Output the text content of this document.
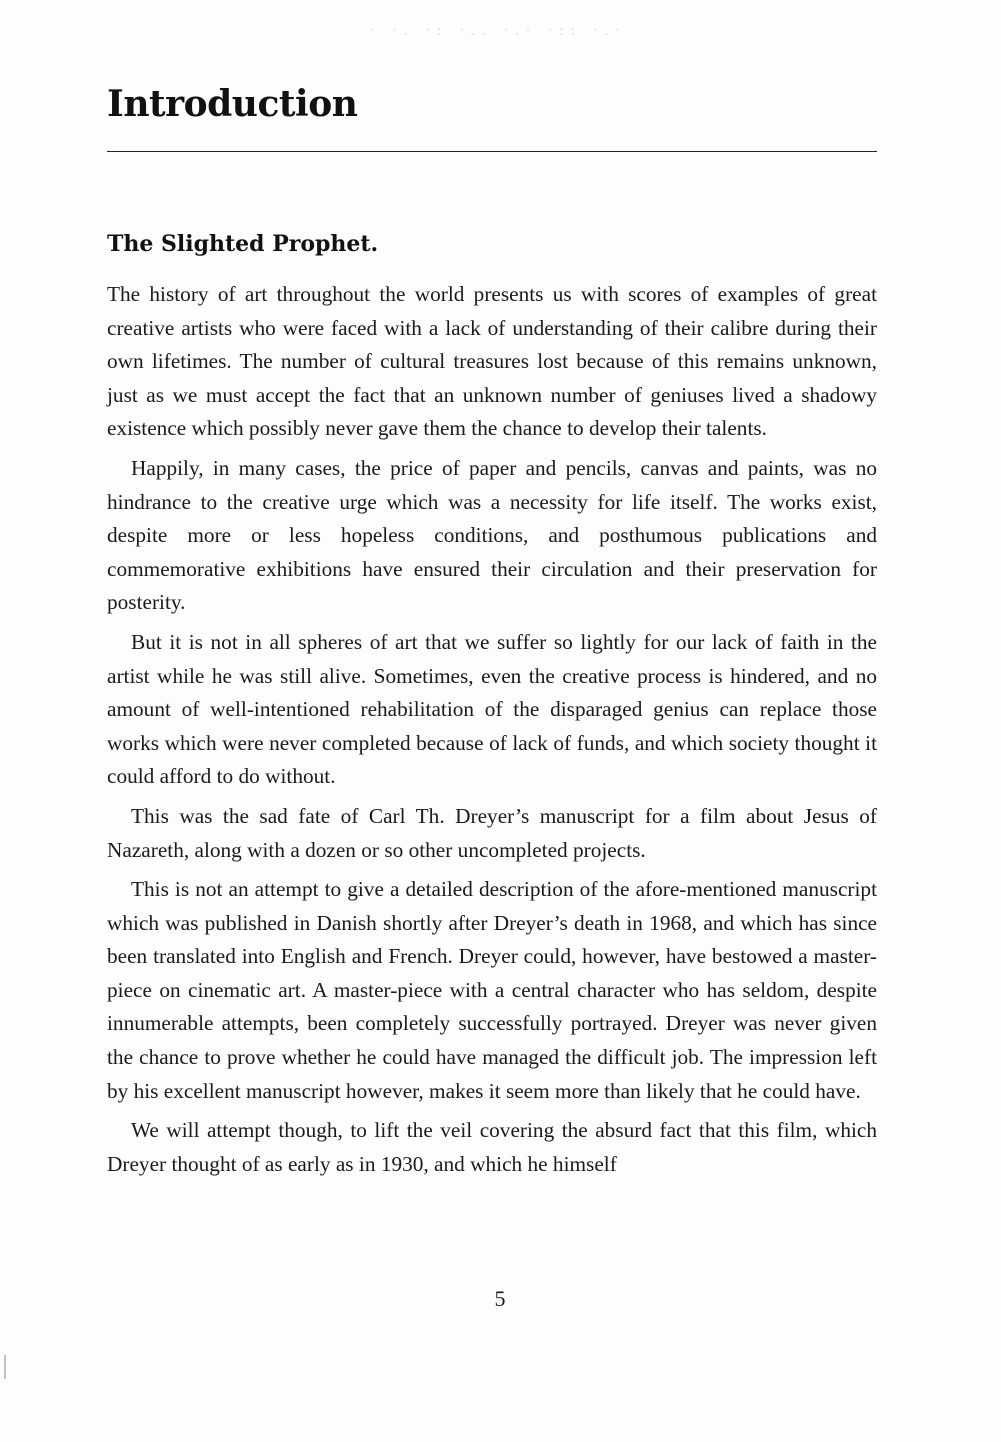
· ·. ·: ·.. ·.· ·:: ·.·
Introduction
The Slighted Prophet.

The history of art throughout the world presents us with scores of examples of great creative artists who were faced with a lack of understanding of their calibre during their own lifetimes. The number of cultural treasures lost because of this remains unknown, just as we must accept the fact that an unknown number of geniuses lived a shadowy existence which possibly never gave them the chance to develop their talents.

Happily, in many cases, the price of paper and pencils, canvas and paints, was no hindrance to the creative urge which was a necessity for life itself. The works exist, despite more or less hopeless conditions, and posthumous publications and commemorative exhibitions have ensured their circulation and their preservation for posterity.

But it is not in all spheres of art that we suffer so lightly for our lack of faith in the artist while he was still alive. Sometimes, even the creative process is hindered, and no amount of well-intentioned rehabilitation of the disparaged genius can replace those works which were never completed because of lack of funds, and which society thought it could afford to do without.

This was the sad fate of Carl Th. Dreyer’s manuscript for a film about Jesus of Nazareth, along with a dozen or so other uncompleted projects.

This is not an attempt to give a detailed description of the afore-mentioned manuscript which was published in Danish shortly after Dreyer’s death in 1968, and which has since been translated into English and French. Dreyer could, however, have bestowed a master-piece on cinematic art. A master-piece with a central character who has seldom, despite innumerable attempts, been completely successfully portrayed. Dreyer was never given the chance to prove whether he could have managed the difficult job. The impression left by his excellent manuscript however, makes it seem more than likely that he could have.

We will attempt though, to lift the veil covering the absurd fact that this film, which Dreyer thought of as early as in 1930, and which he himself

5
